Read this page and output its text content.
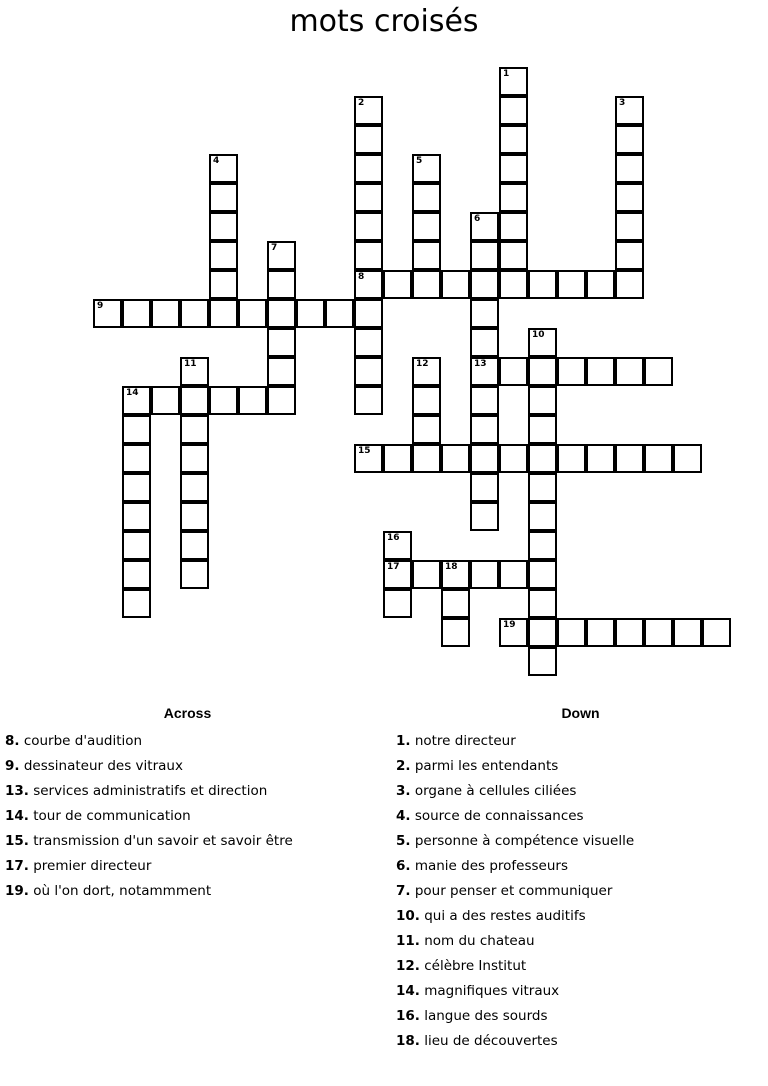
mots croisés
1
2
8
3
4	5
6
13
7
9
10
11	12
14
15
16
17	18
19
Across
8. courbe d'audition
9. dessinateur des vitraux
13. services administratifs et direction
14. tour de communication
15. transmission d'un savoir et savoir être
17. premier directeur
19. où l'on dort, notammment
Down
1. notre directeur
2. parmi les entendants
3. organe à cellules ciliées
4. source de connaissances
5. personne à compétence visuelle
6. manie des professeurs
7. pour penser et communiquer
10. qui a des restes auditifs
11. nom du chateau
12. célèbre Institut
14. magnifiques vitraux
16. langue des sourds
18. lieu de découvertes
